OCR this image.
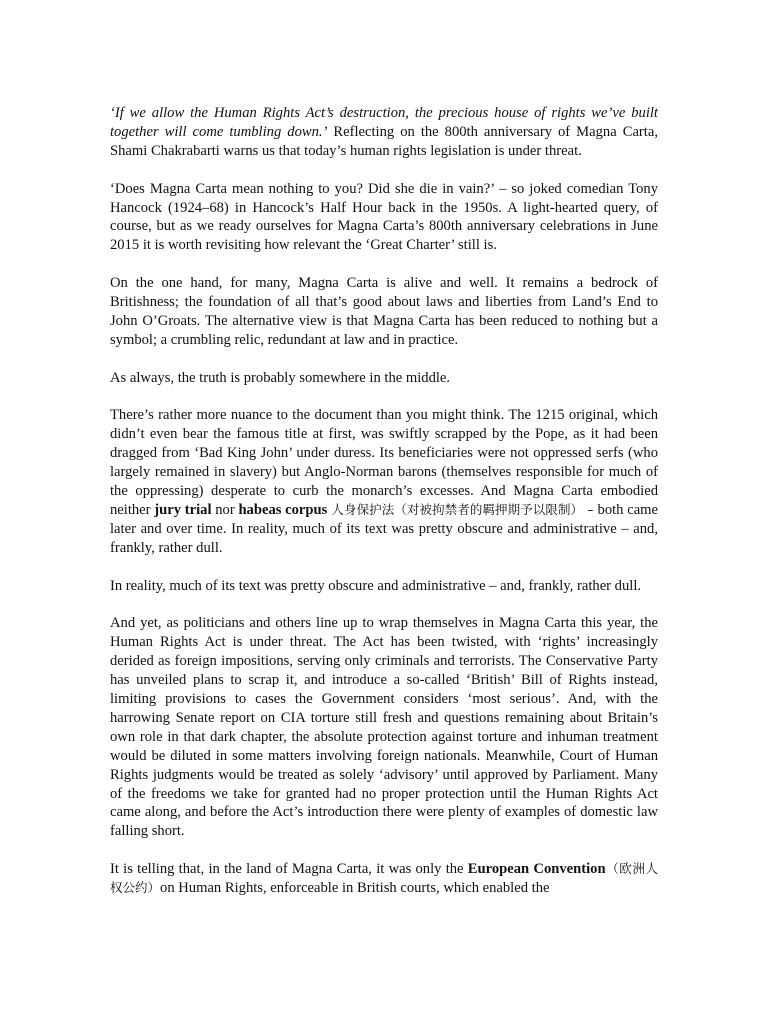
‘If we allow the Human Rights Act’s destruction, the precious house of rights we’ve built together will come tumbling down.’ Reflecting on the 800th anniversary of Magna Carta, Shami Chakrabarti warns us that today’s human rights legislation is under threat.

‘Does Magna Carta mean nothing to you? Did she die in vain?’ – so joked comedian Tony Hancock (1924–68) in Hancock’s Half Hour back in the 1950s. A light-hearted query, of course, but as we ready ourselves for Magna Carta’s 800th anniversary celebrations in June 2015 it is worth revisiting how relevant the ‘Great Charter’ still is.

On the one hand, for many, Magna Carta is alive and well. It remains a bedrock of Britishness; the foundation of all that’s good about laws and liberties from Land’s End to John O’Groats. The alternative view is that Magna Carta has been reduced to nothing but a symbol; a crumbling relic, redundant at law and in practice.

As always, the truth is probably somewhere in the middle.

There’s rather more nuance to the document than you might think. The 1215 original, which didn’t even bear the famous title at first, was swiftly scrapped by the Pope, as it had been dragged from ‘Bad King John’ under duress. Its beneficiaries were not oppressed serfs (who largely remained in slavery) but Anglo-Norman barons (themselves responsible for much of the oppressing) desperate to curb the monarch’s excesses. And Magna Carta embodied neither jury trial nor habeas corpus 人身保护法（对被拘禁者的羁押期予以限制） – both came later and over time. In reality, much of its text was pretty obscure and administrative – and, frankly, rather dull.

In reality, much of its text was pretty obscure and administrative – and, frankly, rather dull.

And yet, as politicians and others line up to wrap themselves in Magna Carta this year, the Human Rights Act is under threat. The Act has been twisted, with ‘rights’ increasingly derided as foreign impositions, serving only criminals and terrorists. The Conservative Party has unveiled plans to scrap it, and introduce a so-called ‘British’ Bill of Rights instead, limiting provisions to cases the Government considers ‘most serious’. And, with the harrowing Senate report on CIA torture still fresh and questions remaining about Britain’s own role in that dark chapter, the absolute protection against torture and inhuman treatment would be diluted in some matters involving foreign nationals. Meanwhile, Court of Human Rights judgments would be treated as solely ‘advisory’ until approved by Parliament. Many of the freedoms we take for granted had no proper protection until the Human Rights Act came along, and before the Act’s introduction there were plenty of examples of domestic law falling short.

It is telling that, in the land of Magna Carta, it was only the European Convention（欧洲人权公约）on Human Rights, enforceable in British courts, which enabled the
